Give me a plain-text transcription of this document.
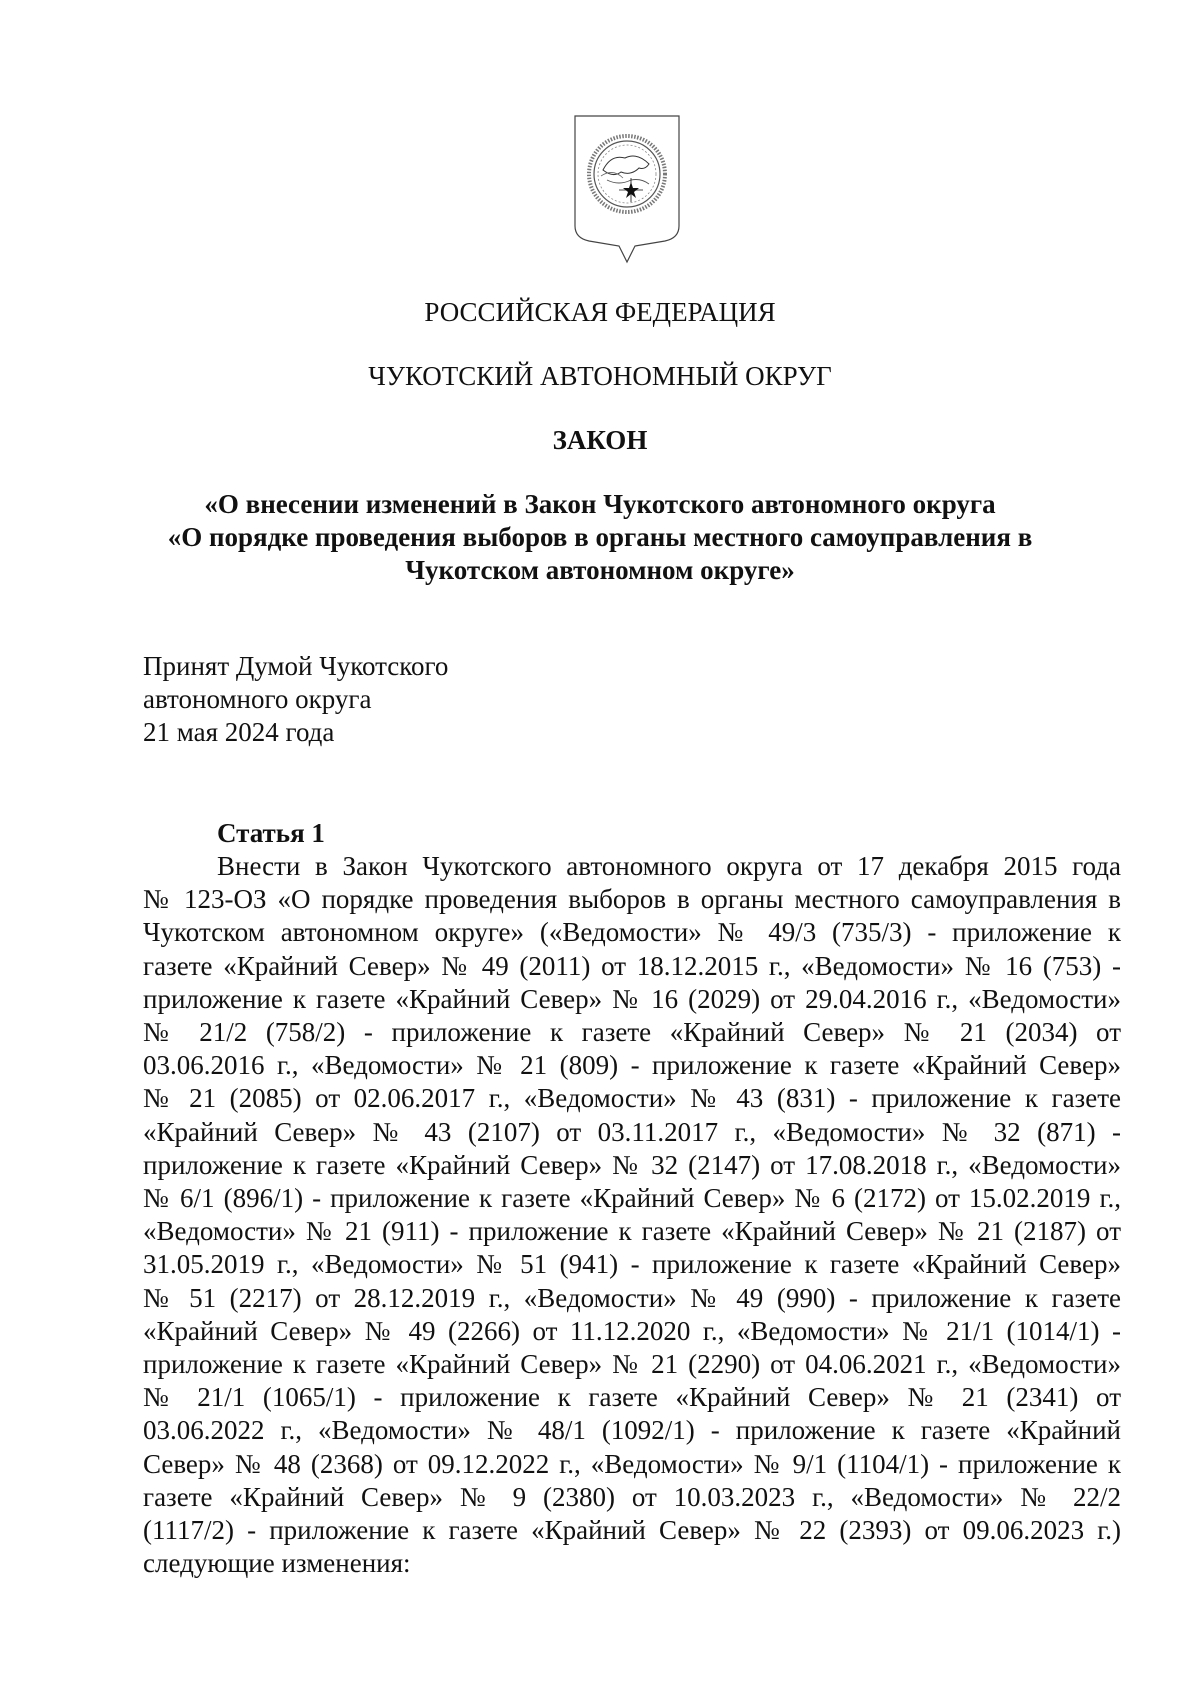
РОССИЙСКАЯ ФЕДЕРАЦИЯ
ЧУКОТСКИЙ АВТОНОМНЫЙ ОКРУГ
ЗАКОН
«О внесении изменений в Закон Чукотского автономного округа
«О порядке проведения выборов в органы местного самоуправления в
Чукотском автономном округе»
Принят Думой Чукотского
автономного округа
21 мая 2024 года
Статья 1
Внести в Закон Чукотского автономного округа от 17 декабря 2015 года
№ 123-ОЗ «О порядке проведения выборов в органы местного самоуправления в
Чукотском автономном округе» («Ведомости» № 49/3 (735/3) - приложение к
газете «Крайний Север» № 49 (2011) от 18.12.2015 г., «Ведомости» № 16 (753) -
приложение к газете «Крайний Север» № 16 (2029) от 29.04.2016 г., «Ведомости»
№ 21/2 (758/2) - приложение к газете «Крайний Север» № 21 (2034) от
03.06.2016 г., «Ведомости» № 21 (809) - приложение к газете «Крайний Север»
№ 21 (2085) от 02.06.2017 г., «Ведомости» № 43 (831) - приложение к газете
«Крайний Север» № 43 (2107) от 03.11.2017 г., «Ведомости» № 32 (871) -
приложение к газете «Крайний Север» № 32 (2147) от 17.08.2018 г., «Ведомости»
№ 6/1 (896/1) - приложение к газете «Крайний Север» № 6 (2172) от 15.02.2019 г.,
«Ведомости» № 21 (911) - приложение к газете «Крайний Север» № 21 (2187) от
31.05.2019 г., «Ведомости» № 51 (941) - приложение к газете «Крайний Север»
№ 51 (2217) от 28.12.2019 г., «Ведомости» № 49 (990) - приложение к газете
«Крайний Север» № 49 (2266) от 11.12.2020 г., «Ведомости» № 21/1 (1014/1) -
приложение к газете «Крайний Север» № 21 (2290) от 04.06.2021 г., «Ведомости»
№ 21/1 (1065/1) - приложение к газете «Крайний Север» № 21 (2341) от
03.06.2022 г., «Ведомости» № 48/1 (1092/1) - приложение к газете «Крайний
Север» № 48 (2368) от 09.12.2022 г., «Ведомости» № 9/1 (1104/1) - приложение к
газете «Крайний Север» № 9 (2380) от 10.03.2023 г., «Ведомости» № 22/2
(1117/2) - приложение к газете «Крайний Север» № 22 (2393) от 09.06.2023 г.)
следующие изменения:
